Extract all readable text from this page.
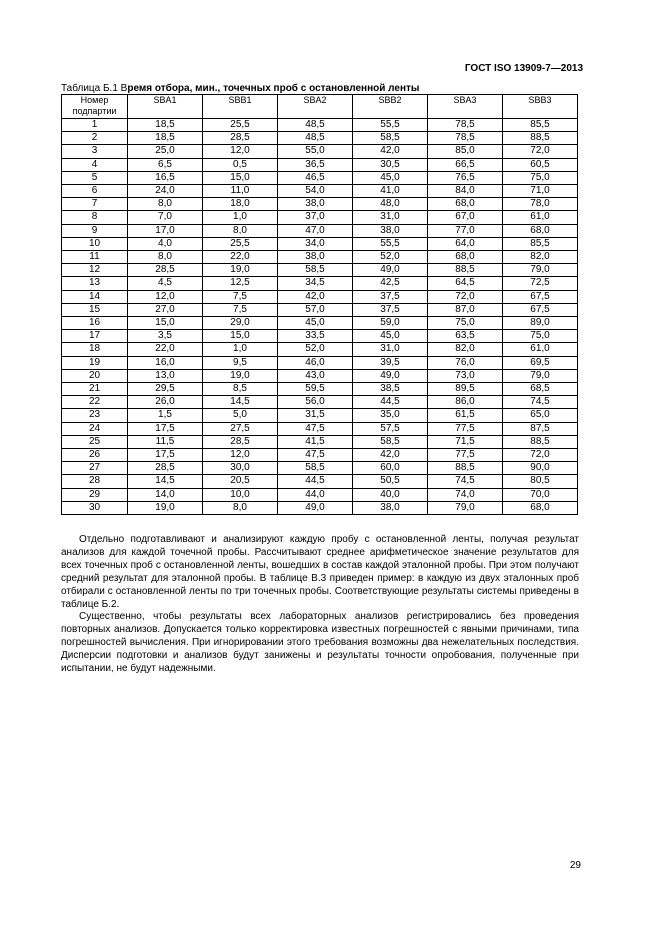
ГОСТ ISO 13909-7—2013
Таблица Б.1 Время отбора, мин., точечных проб с остановленной ленты
Номер подпартии	SBA1	SBB1	SBA2	SBB2	SBA3	SBB3
1	18,5	25,5	48,5	55,5	78,5	85,5
2	18,5	28,5	48,5	58,5	78,5	88,5
3	25,0	12,0	55,0	42,0	85,0	72,0
4	6,5	0,5	36,5	30,5	66,5	60,5
5	16,5	15,0	46,5	45,0	76,5	75,0
6	24,0	11,0	54,0	41,0	84,0	71,0
7	8,0	18,0	38,0	48,0	68,0	78,0
8	7,0	1,0	37,0	31,0	67,0	61,0
9	17,0	8,0	47,0	38,0	77,0	68,0
10	4,0	25,5	34,0	55,5	64,0	85,5
11	8,0	22,0	38,0	52,0	68,0	82,0
12	28,5	19,0	58,5	49,0	88,5	79,0
13	4,5	12,5	34,5	42,5	64,5	72,5
14	12,0	7,5	42,0	37,5	72,0	67,5
15	27,0	7,5	57,0	37,5	87,0	67,5
16	15,0	29,0	45,0	59,0	75,0	89,0
17	3,5	15,0	33,5	45,0	63,5	75,0
18	22,0	1,0	52,0	31,0	82,0	61,0
19	16,0	9,5	46,0	39,5	76,0	69,5
20	13,0	19,0	43,0	49,0	73,0	79,0
21	29,5	8,5	59,5	38,5	89,5	68,5
22	26,0	14,5	56,0	44,5	86,0	74,5
23	1,5	5,0	31,5	35,0	61,5	65,0
24	17,5	27,5	47,5	57,5	77,5	87,5
25	11,5	28,5	41,5	58,5	71,5	88,5
26	17,5	12,0	47,5	42,0	77,5	72,0
27	28,5	30,0	58,5	60,0	88,5	90,0
28	14,5	20,5	44,5	50,5	74,5	80,5
29	14,0	10,0	44,0	40,0	74,0	70,0
30	19,0	8,0	49,0	38,0	79,0	68,0

Отдельно подготавливают и анализируют каждую пробу с остановленной ленты, получая результат анализов для каждой точечной пробы. Рассчитывают среднее арифметическое значение результатов для всех точечных проб с остановленной ленты, вошедших в состав каждой эталонной пробы. При этом получают средний результат для эталонной пробы. В таблице В.3 приведен пример: в каждую из двух эталонных проб отбирали с остановленной ленты по три точечных пробы. Соответствующие результаты системы приведены в таблице Б.2.

Существенно, чтобы результаты всех лабораторных анализов регистрировались без проведения повторных анализов. Допускается только корректировка известных погрешностей с явными причинами, типа погрешностей вычисления. При игнорировании этого требования возможны два нежелательных последствия. Дисперсии подготовки и анализов будут занижены и результаты точности опробования, полученные при испытании, не будут надежными.

29
